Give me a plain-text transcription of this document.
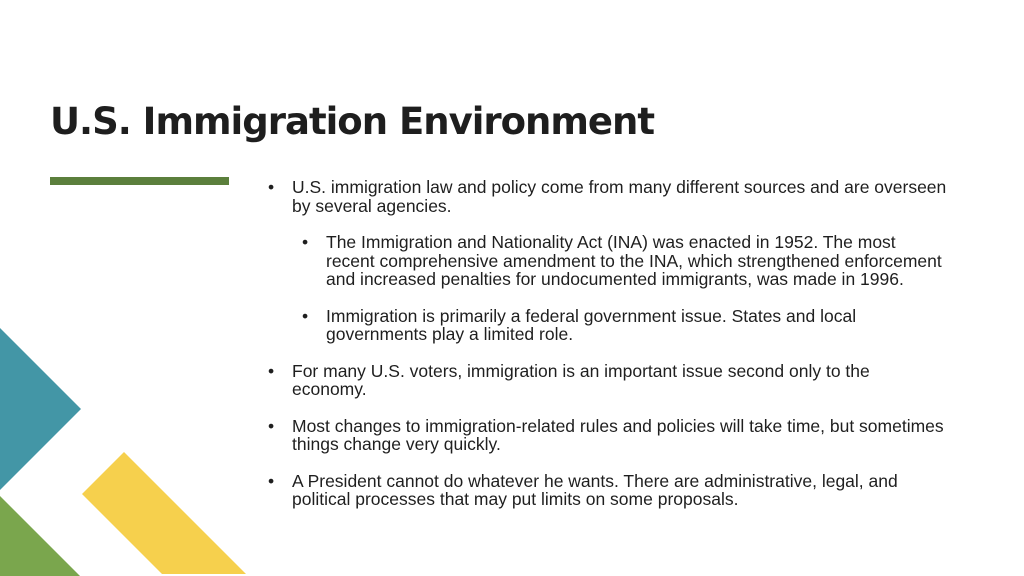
U.S. Immigration Environment
• U.S. immigration law and policy come from many different sources and are overseen by several agencies.
• The Immigration and Nationality Act (INA) was enacted in 1952. The most recent comprehensive amendment to the INA, which strengthened enforcement and increased penalties for undocumented immigrants, was made in 1996.
• Immigration is primarily a federal government issue. States and local governments play a limited role.
• For many U.S. voters, immigration is an important issue second only to the economy.
• Most changes to immigration-related rules and policies will take time, but sometimes things change very quickly.
• A President cannot do whatever he wants. There are administrative, legal, and political processes that may put limits on some proposals.
